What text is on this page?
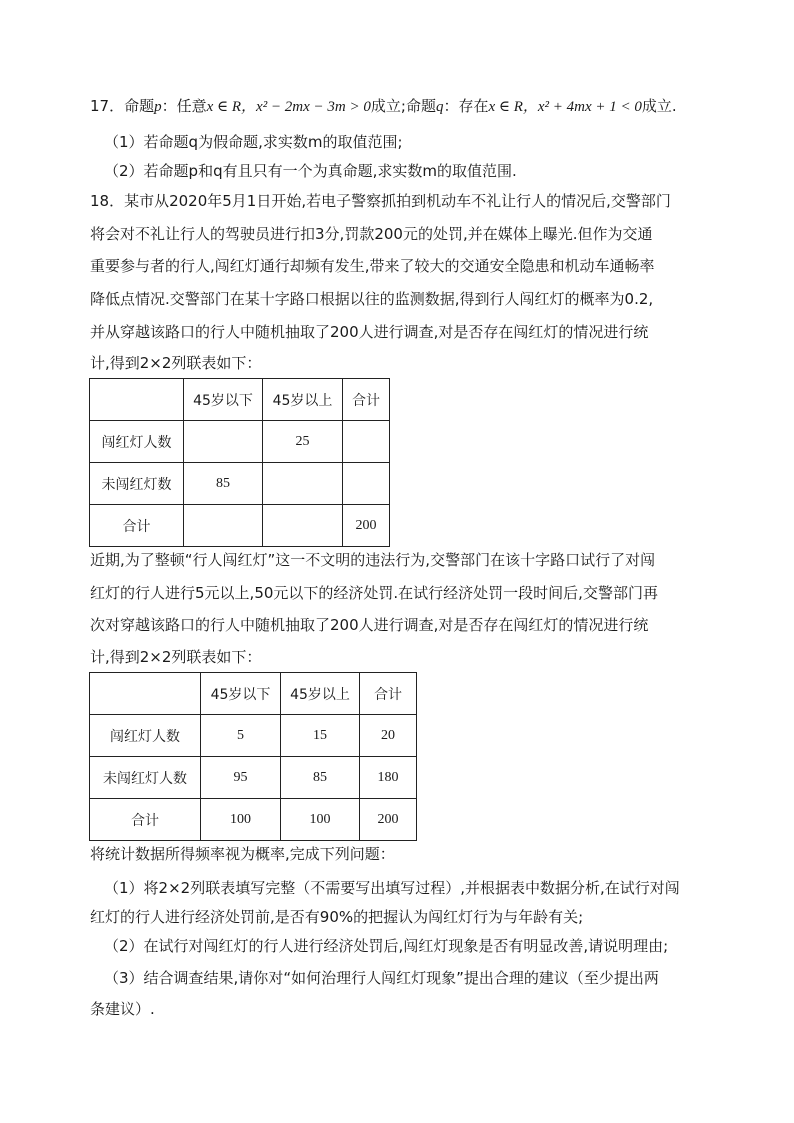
17．命题p：任意x ∈ R，x² − 2mx − 3m > 0成立;命题q：存在x ∈ R，x² + 4mx + 1 < 0成立.
（1）若命题q为假命题,求实数m的取值范围;
（2）若命题p和q有且只有一个为真命题,求实数m的取值范围.
18．某市从2020年5月1日开始,若电子警察抓拍到机动车不礼让行人的情况后,交警部门
将会对不礼让行人的驾驶员进行扣3分,罚款200元的处罚,并在媒体上曝光.但作为交通
重要参与者的行人,闯红灯通行却频有发生,带来了较大的交通安全隐患和机动车通畅率
降低点情况.交警部门在某十字路口根据以往的监测数据,得到行人闯红灯的概率为0.2,
并从穿越该路口的行人中随机抽取了200人进行调查,对是否存在闯红灯的情况进行统
计,得到2×2列联表如下：
	45岁以下	45岁以上	合计
闯红灯人数		25	
未闯红灯数	85		
合计			200
近期,为了整顿“行人闯红灯”这一不文明的违法行为,交警部门在该十字路口试行了对闯
红灯的行人进行5元以上,50元以下的经济处罚.在试行经济处罚一段时间后,交警部门再
次对穿越该路口的行人中随机抽取了200人进行调查,对是否存在闯红灯的情况进行统
计,得到2×2列联表如下：
	45岁以下	45岁以上	合计
闯红灯人数	5	15	20
未闯红灯人数	95	85	180
合计	100	100	200
将统计数据所得频率视为概率,完成下列问题：
（1）将2×2列联表填写完整（不需要写出填写过程）,并根据表中数据分析,在试行对闯
红灯的行人进行经济处罚前,是否有90%的把握认为闯红灯行为与年龄有关;
（2）在试行对闯红灯的行人进行经济处罚后,闯红灯现象是否有明显改善,请说明理由;
（3）结合调查结果,请你对“如何治理行人闯红灯现象”提出合理的建议（至少提出两
条建议）.
